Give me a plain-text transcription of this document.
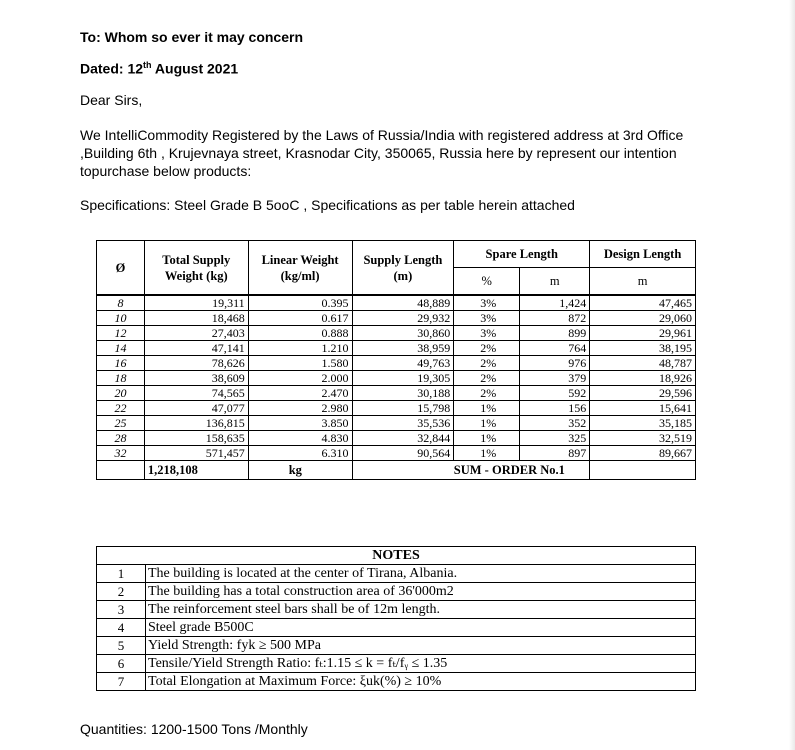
To: Whom so ever it may concern
Dated: 12th August 2021
Dear Sirs,
We IntelliCommodity Registered by the Laws of Russia/India with registered address at 3rd Office ,Building 6th , Krujevnaya street, Krasnodar City, 350065, Russia here by represent our intention topurchase below products:
Specifications: Steel Grade B 5ooC , Specifications as per table herein attached
Ø	Total Supply Weight (kg)	Linear Weight (kg/ml)	Supply Length (m)	Spare Length		Design Length
				%	m	m
8	19,311	0.395	48,889	3%	1,424	47,465
10	18,468	0.617	29,932	3%	872	29,060
12	27,403	0.888	30,860	3%	899	29,961
14	47,141	1.210	38,959	2%	764	38,195
16	78,626	1.580	49,763	2%	976	48,787
18	38,609	2.000	19,305	2%	379	18,926
20	74,565	2.470	30,188	2%	592	29,596
22	47,077	2.980	15,798	1%	156	15,641
25	136,815	3.850	35,536	1%	352	35,185
28	158,635	4.830	32,844	1%	325	32,519
32	571,457	6.310	90,564	1%	897	89,667
	1,218,108	kg		SUM - ORDER No.1		
NOTES	
1	The building is located at the center of Tirana, Albania.
2	The building has a total construction area of 36'000m2
3	The reinforcement steel bars shall be of 12m length.
4	Steel grade B500C
5	Yield Strength: fyk ≥ 500 MPa
6	Tensile/Yield Strength Ratio: fₜ:1.15 ≤ k = fₜ/fᵧ ≤ 1.35
7	Total Elongation at Maximum Force: ξuk(%) ≥ 10%
Quantities: 1200-1500 Tons /Monthly
